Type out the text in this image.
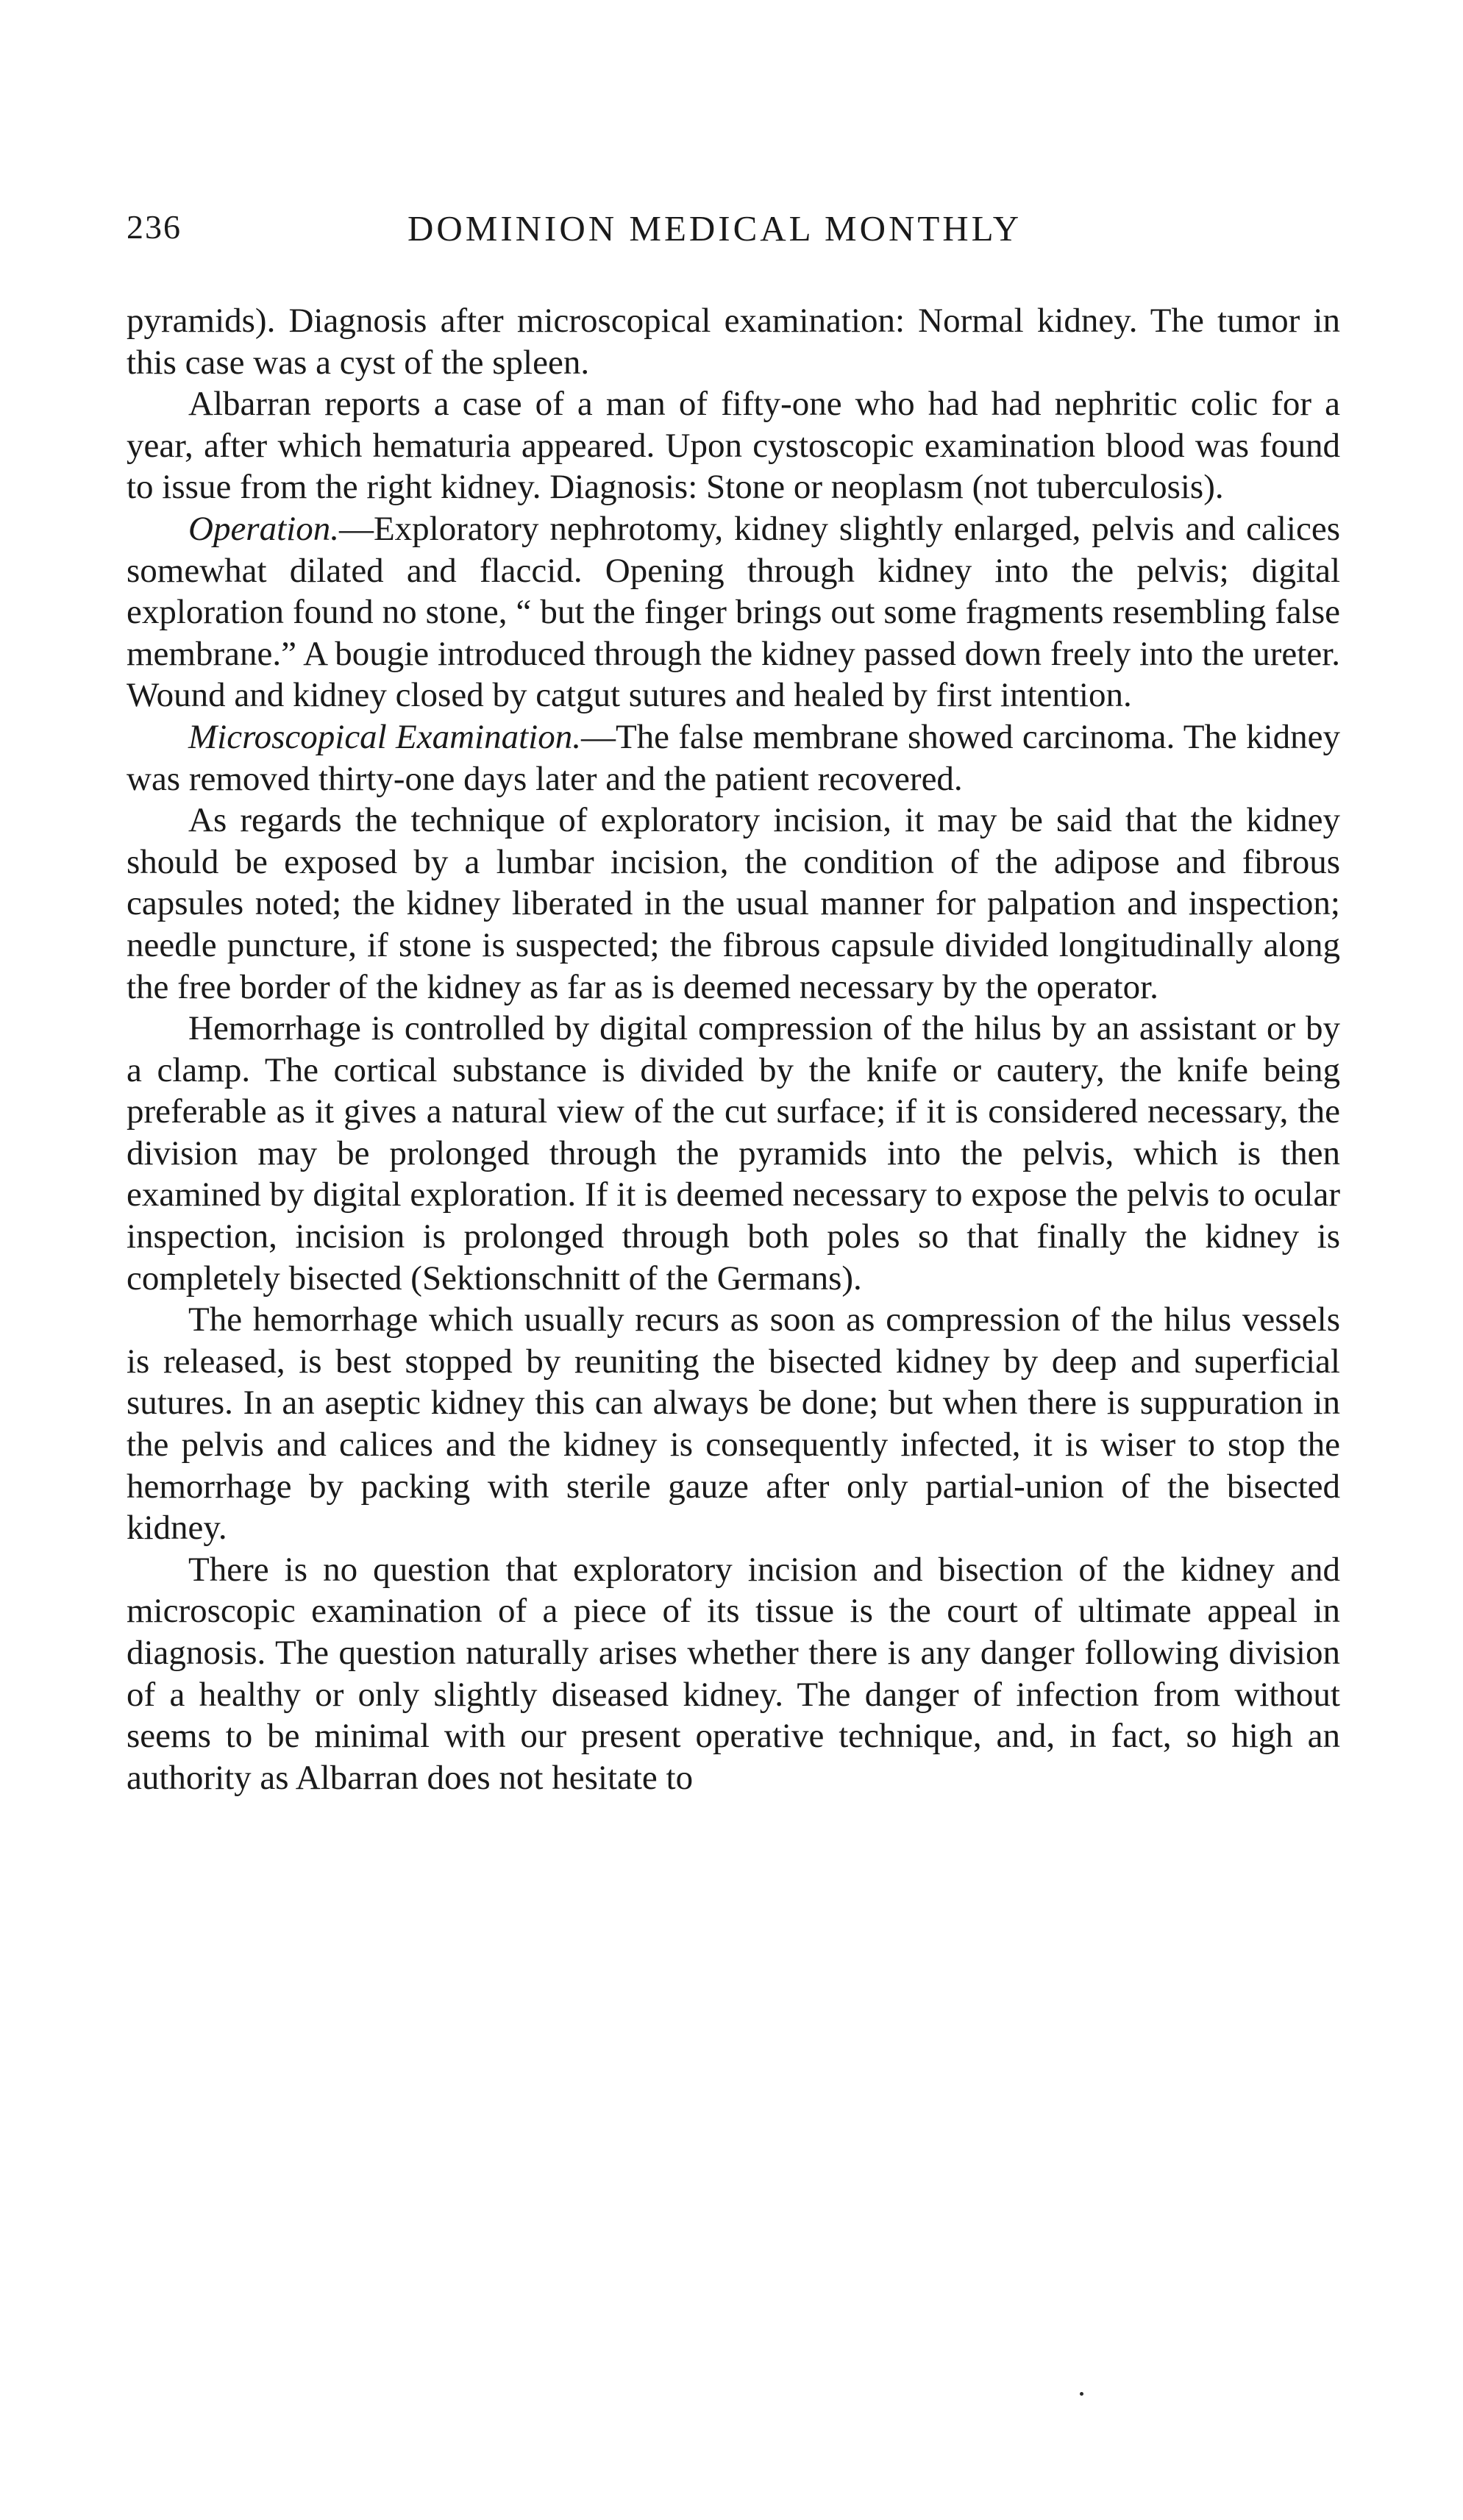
236	DOMINION MEDICAL MONTHLY

pyramids). Diagnosis after microscopical examination: Normal kidney. The tumor in this case was a cyst of the spleen.

Albarran reports a case of a man of fifty-one who had had nephritic colic for a year, after which hematuria appeared. Upon cystoscopic examination blood was found to issue from the right kidney. Diagnosis: Stone or neoplasm (not tuberculosis).

Operation.—Exploratory nephrotomy, kidney slightly enlarged, pelvis and calices somewhat dilated and flaccid. Opening through kidney into the pelvis; digital exploration found no stone, “ but the finger brings out some fragments resembling false membrane.” A bougie introduced through the kidney passed down freely into the ureter. Wound and kidney closed by catgut sutures and healed by first intention.

Microscopical Examination.—The false membrane showed carcinoma. The kidney was removed thirty-one days later and the patient recovered.

As regards the technique of exploratory incision, it may be said that the kidney should be exposed by a lumbar incision, the condition of the adipose and fibrous capsules noted; the kidney liberated in the usual manner for palpation and inspection; needle puncture, if stone is suspected; the fibrous capsule divided longitudinally along the free border of the kidney as far as is deemed necessary by the operator.

Hemorrhage is controlled by digital compression of the hilus by an assistant or by a clamp. The cortical substance is divided by the knife or cautery, the knife being preferable as it gives a natural view of the cut surface; if it is considered necessary, the division may be prolonged through the pyramids into the pelvis, which is then examined by digital exploration. If it is deemed necessary to expose the pelvis to ocular inspection, incision is prolonged through both poles so that finally the kidney is completely bisected (Sektionschnitt of the Germans).

The hemorrhage which usually recurs as soon as compression of the hilus vessels is released, is best stopped by reuniting the bisected kidney by deep and superficial sutures. In an aseptic kidney this can always be done; but when there is suppuration in the pelvis and calices and the kidney is consequently infected, it is wiser to stop the hemorrhage by packing with sterile gauze after only partial-union of the bisected kidney.

There is no question that exploratory incision and bisection of the kidney and microscopic examination of a piece of its tissue is the court of ultimate appeal in diagnosis. The question naturally arises whether there is any danger following division of a healthy or only slightly diseased kidney. The danger of infection from without seems to be minimal with our present operative technique, and, in fact, so high an authority as Albarran does not hesitate to
